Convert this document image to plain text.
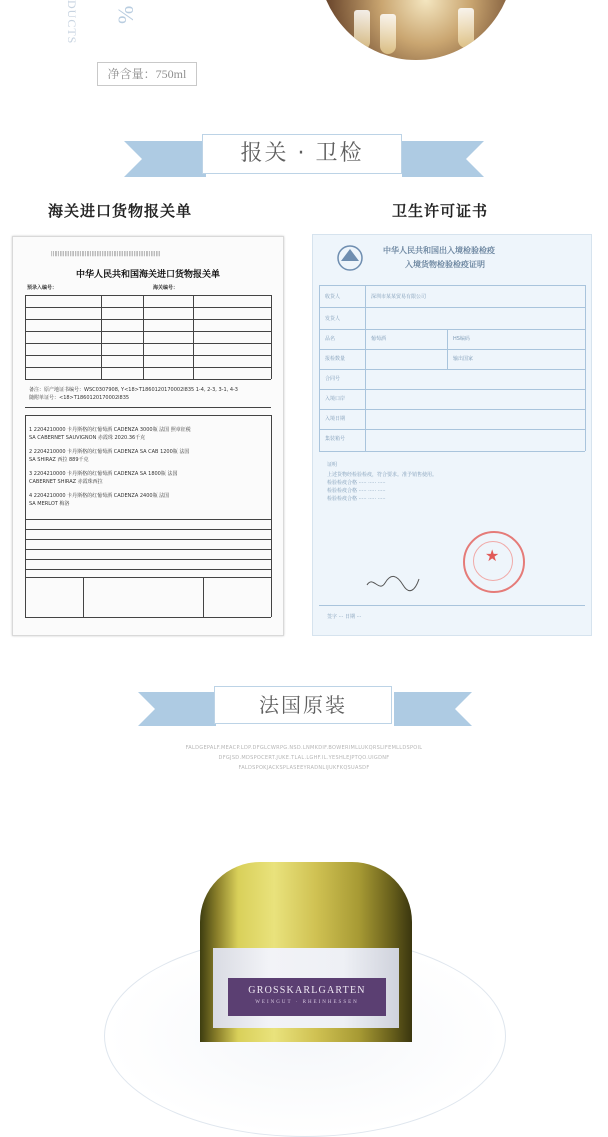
DUCTS %
净含量：750ml
报关 · 卫检
海关进口货物报关单	卫生许可证书
|||||||||||||||||||||||||||||||||||||||||||||||||||||||||||||||||
中华人民共和国海关进口货物报关单
预录入编号：	海关编号：
备注：原产地证书编号：WSC0307908, Y<18>T1860120170002l835 1-4, 2-3, 3-1, 4-3
随附单证号：<18>T1860120170002l835
1 2204210000 卡丹斯格的红葡萄酒 CADENZA 3000瓶 法国 照章征税
SA CABERNET SAUVIGNON 赤霞珠 2020.36千克
2 2204210000 卡丹斯格的红葡萄酒 CADENZA SA CAB 1200瓶 法国
SA SHIRAZ 西拉 889千克
3 2204210000 卡丹斯格的红葡萄酒 CADENZA SA 1800瓶 法国
CABERNET SHIRAZ 赤霞珠西拉
4 2204210000 卡丹斯格的红葡萄酒 CADENZA 2400瓶 法国
SA MERLOT 梅洛
中华人民共和国出入境检验检疫
入境货物检验检疫证明
收货人	深圳市某某贸易有限公司
发货人
品名	葡萄酒	HS编码
报检数量	输出国家
合同号
入境口岸
入境日期
集装箱号
证明
上述货物经检验检疫，符合要求。准予销售使用。
检验检疫合格 ····· ····· ·····
检验检疫合格 ····· ····· ·····
检验检疫合格 ····· ····· ·····
★
签字 ··· 日期 ···
法国原装
FALDGEPALF.MEACP.LDP.DFGLCWRPG.NSD.LNMKDIF.BOWERIMLLUKQRSLIFEMLLDSPOIL
DFGJSD.MDSPOCERT.JUKE.TLAL.LGHF.IL.YESHLEJPTQO.UIGDNF
FALDSPOKJACKSPLASEEYRADNLIJUKFKQSUASDF
GROSSKARLGARTEN
WEINGUT · RHEINHESSEN
